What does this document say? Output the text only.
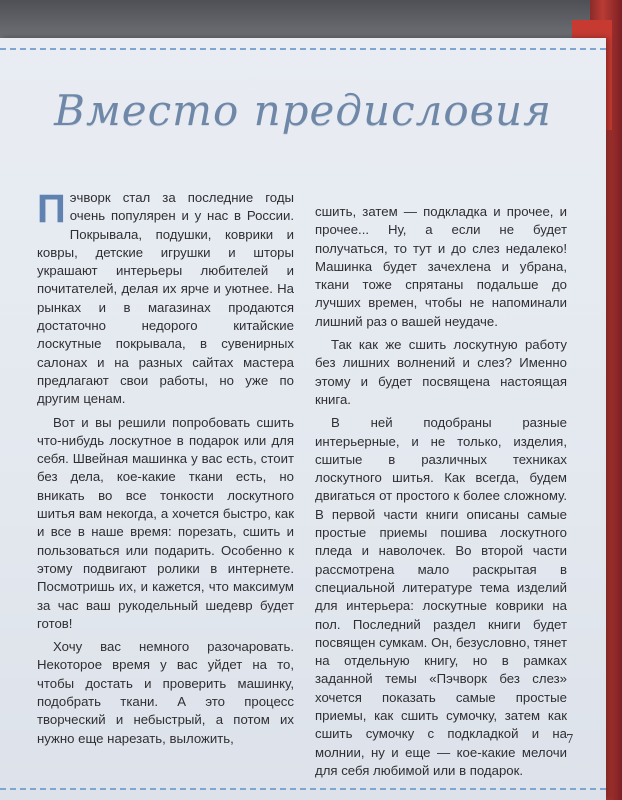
Вместо предисловия

Пэчворк стал за последние годы очень популярен и у нас в России. Покрывала, подушки, коврики и ковры, детские игрушки и шторы украшают интерьеры любителей и почитателей, делая их ярче и уютнее. На рынках и в магазинах продаются достаточно недорого китайские лоскутные покрывала, в сувенирных салонах и на разных сайтах мастера предлагают свои работы, но уже по другим ценам.

Вот и вы решили попробовать сшить что-нибудь лоскутное в подарок или для себя. Швейная машинка у вас есть, стоит без дела, кое-какие ткани есть, но вникать во все тонкости лоскутного шитья вам некогда, а хочется быстро, как и все в наше время: порезать, сшить и пользоваться или подарить. Особенно к этому подвигают ролики в интернете. Посмотришь их, и кажется, что максимум за час ваш рукодельный шедевр будет готов!

Хочу вас немного разочаровать. Некоторое время у вас уйдет на то, чтобы достать и проверить машинку, подобрать ткани. А это процесс творческий и небыстрый, а потом их нужно еще нарезать, выложить,

сшить, затем — подкладка и прочее, и прочее... Ну, а если не будет получаться, то тут и до слез недалеко! Машинка будет зачехлена и убрана, ткани тоже спрятаны подальше до лучших времен, чтобы не напоминали лишний раз о вашей неудаче.

Так как же сшить лоскутную работу без лишних волнений и слез? Именно этому и будет посвящена настоящая книга.

В ней подобраны разные интерьерные, и не только, изделия, сшитые в различных техниках лоскутного шитья. Как всегда, будем двигаться от простого к более сложному. В первой части книги описаны самые простые приемы пошива лоскутного пледа и наволочек. Во второй части рассмотрена мало раскрытая в специальной литературе тема изделий для интерьера: лоскутные коврики на пол. Последний раздел книги будет посвящен сумкам. Он, безусловно, тянет на отдельную книгу, но в рамках заданной темы «Пэчворк без слез» хочется показать самые простые приемы, как сшить сумочку, затем как сшить сумочку с подкладкой и на молнии, ну и еще — кое-какие мелочи для себя любимой или в подарок.

7
